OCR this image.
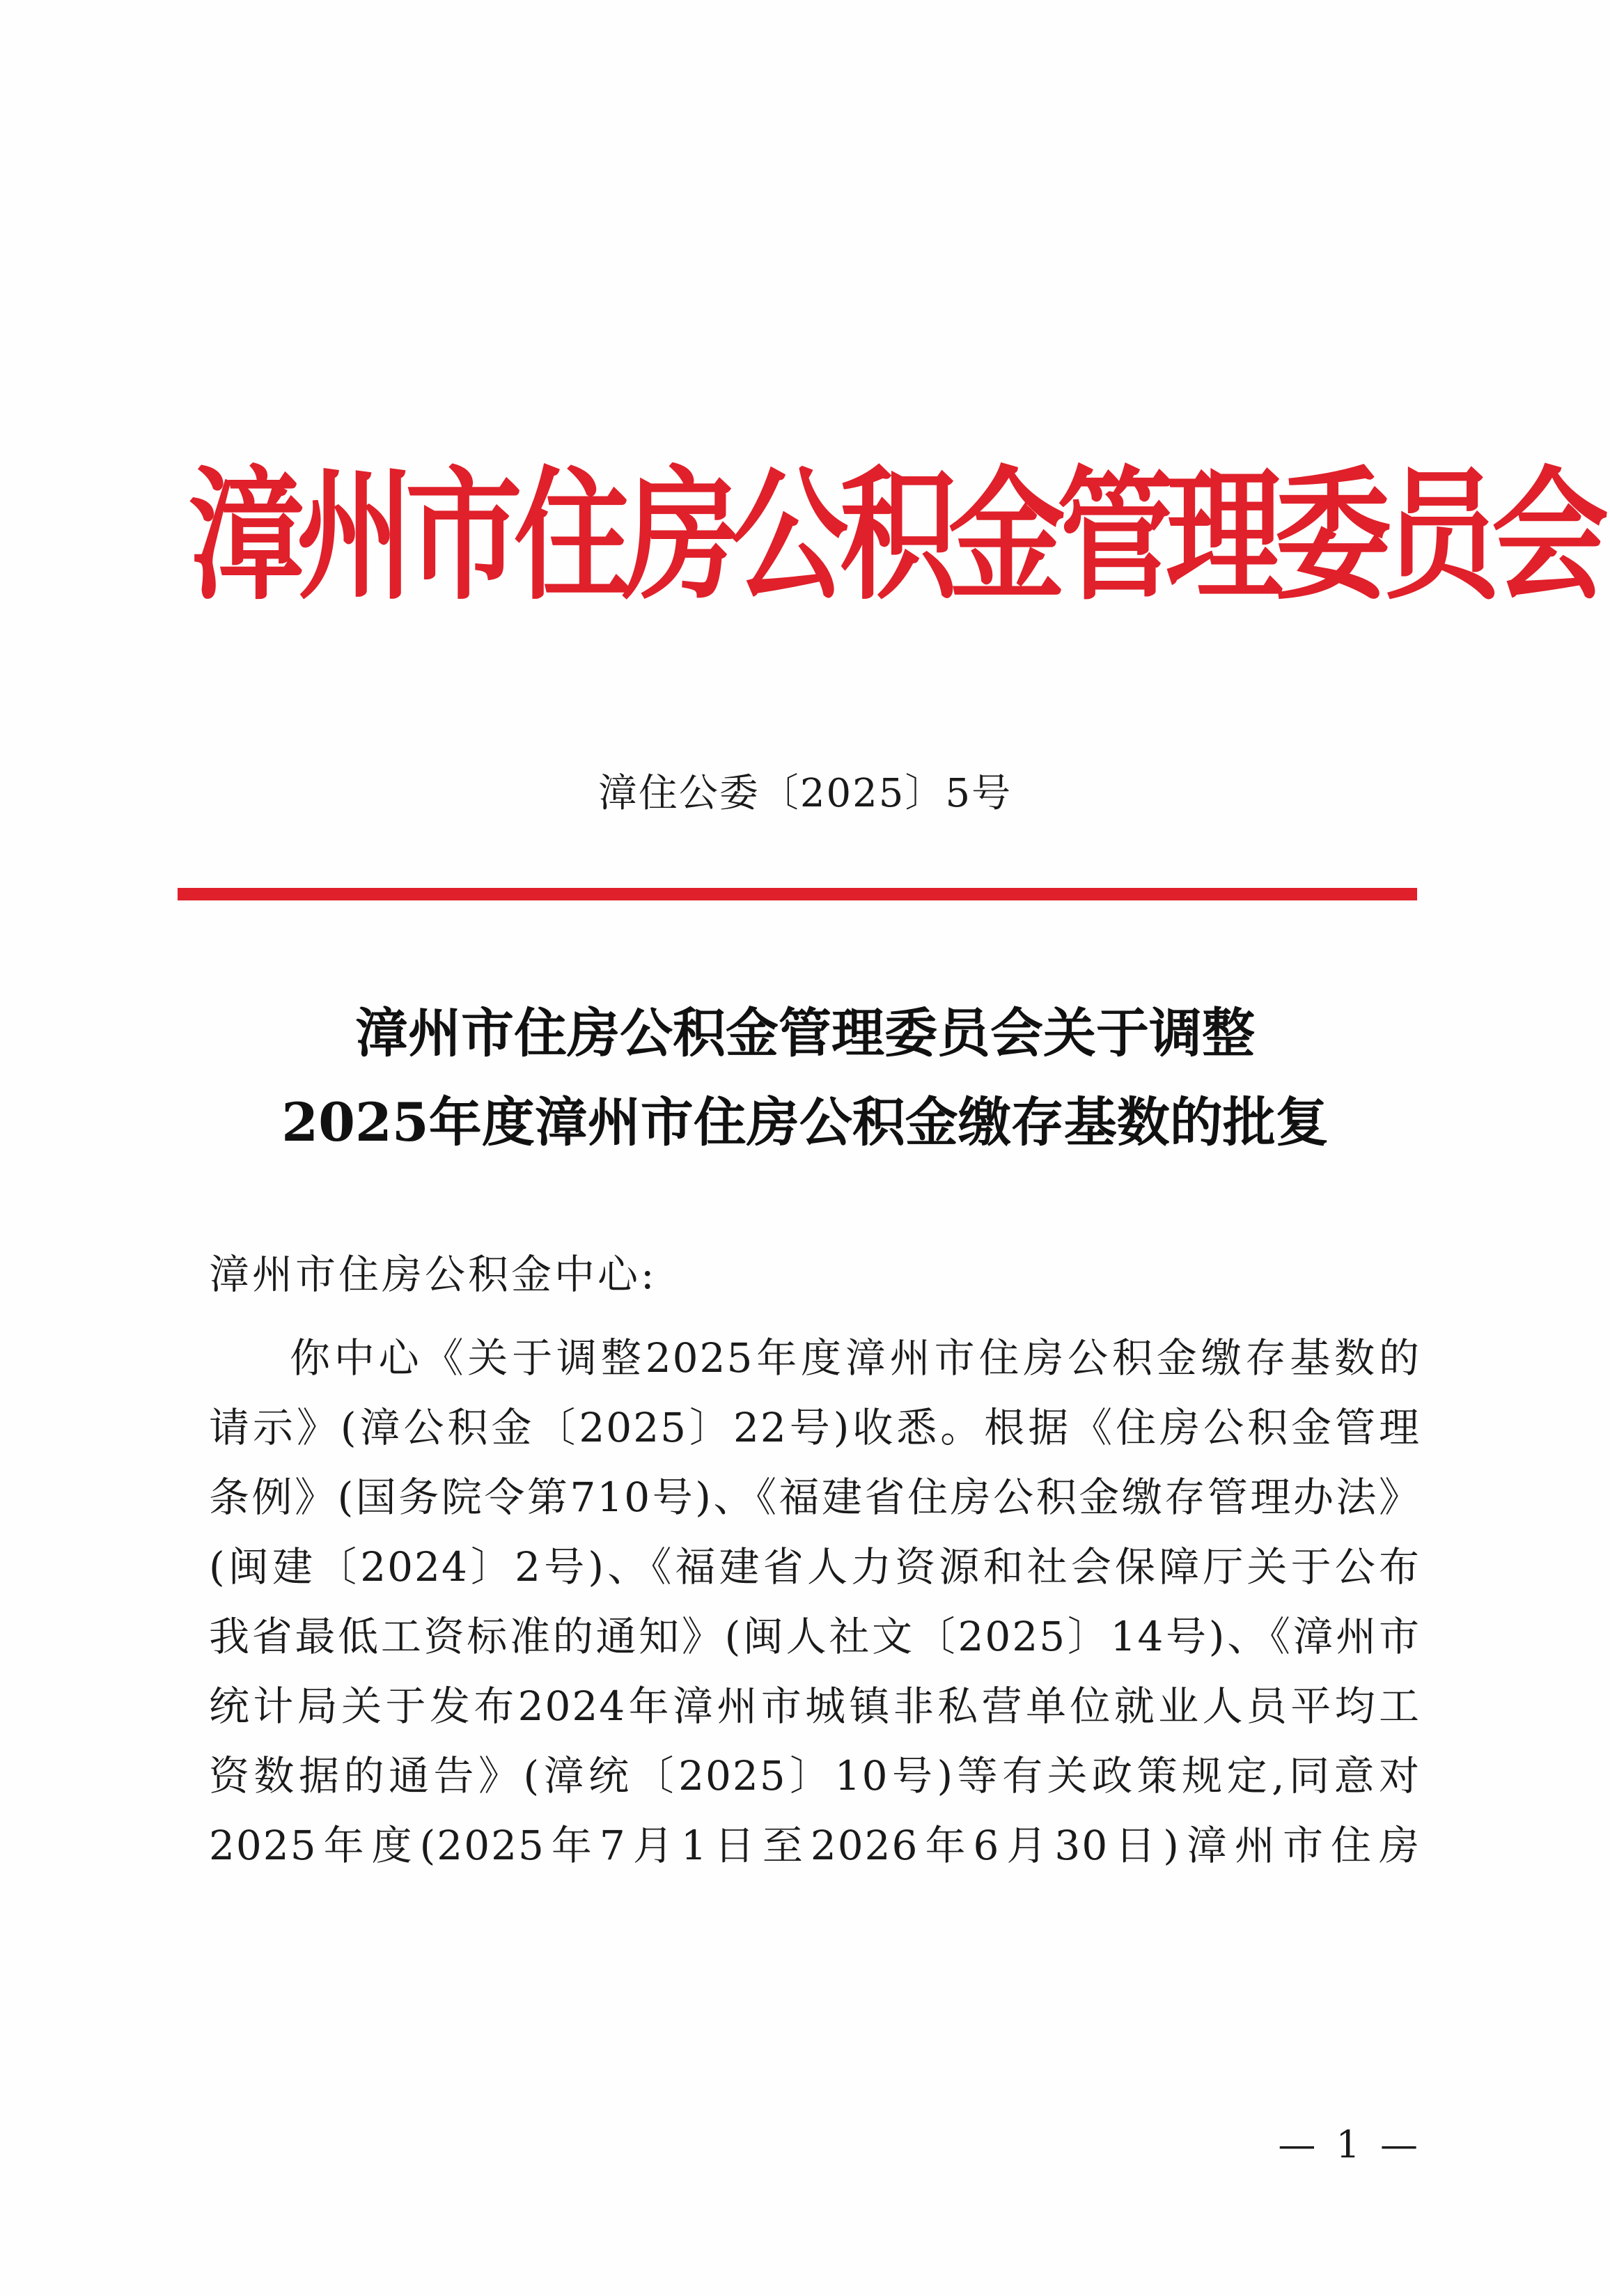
漳州市住房公积金管理委员会
漳住公委〔2025〕5号
漳州市住房公积金管理委员会关于调整
2025年度漳州市住房公积金缴存基数的批复
漳州市住房公积金中心:
你中心《关于调整2025年度漳州市住房公积金缴存基数的
请示》(漳公积金〔2025〕22号)收悉。根据《住房公积金管理
条例》(国务院令第710号)、《福建省住房公积金缴存管理办法》
(闽建〔2024〕2号)、《福建省人力资源和社会保障厅关于公布
我省最低工资标准的通知》(闽人社文〔2025〕14号)、《漳州市
统计局关于发布2024年漳州市城镇非私营单位就业人员平均工
资数据的通告》(漳统〔2025〕10号)等有关政策规定,同意对
2025年度(2025年7月1日至2026年6月30日)漳州市住房
— 1 —
